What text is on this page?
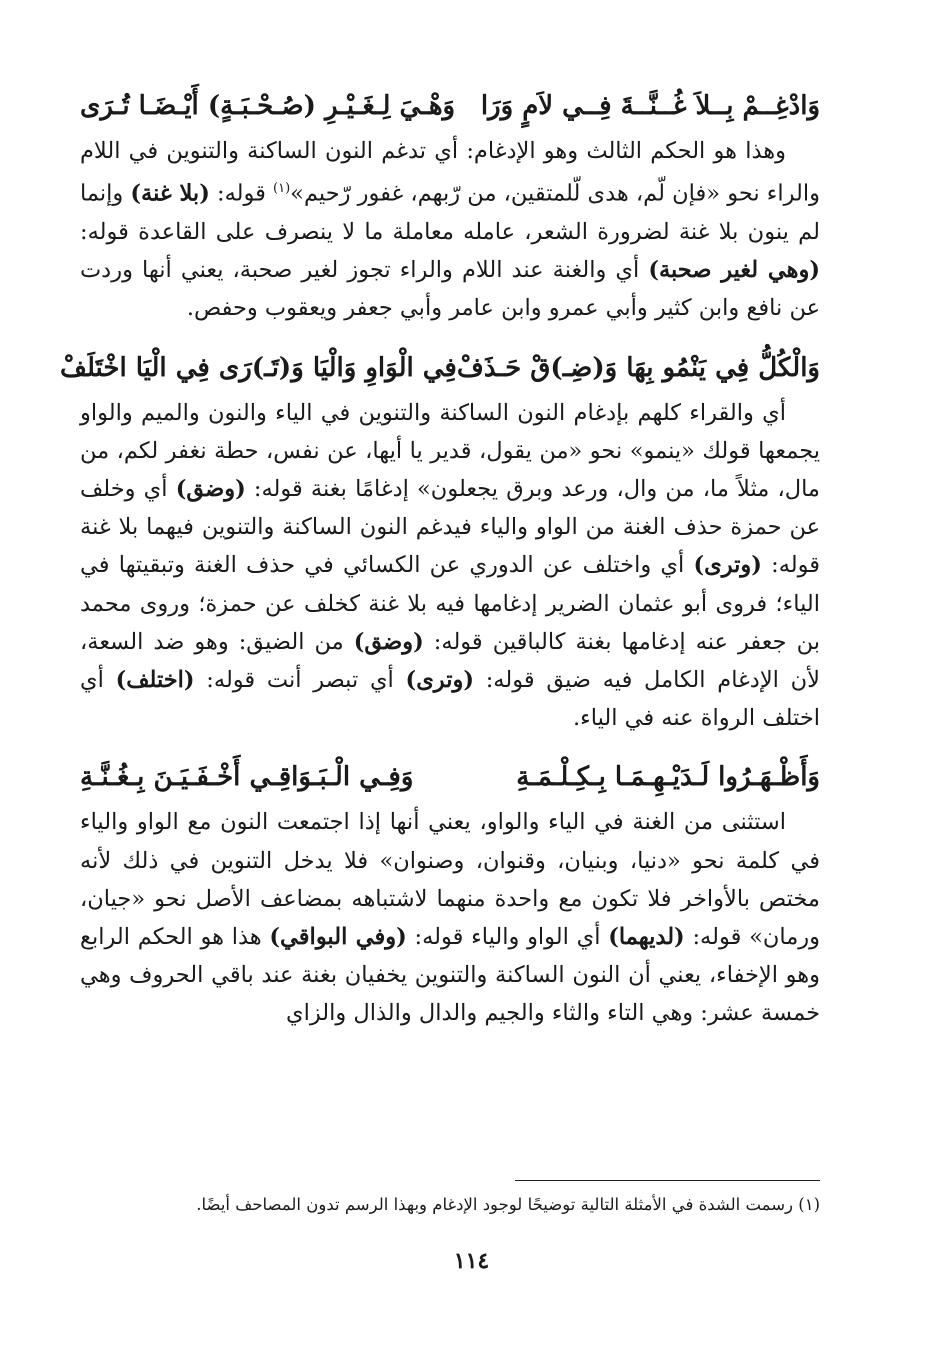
وَادْغِــمْ بِــلاَ غُــنَّــةَ فِــي لاَمٍ وَرَا
وَهْـيَ لِـغَـيْـرِ (صُـحْـبَـةٍ) أَيْـضَـا تُـرَى

وهذا هو الحكم الثالث وهو الإدغام: أي تدغم النون الساكنة والتنوين في اللام والراء نحو «فإن لّم، هدى لّلمتقين، من رّبهم، غفور رّحيم»$^{(١)}$ قوله: (بلا غنة) وإنما لم ينون بلا غنة لضرورة الشعر، عامله معاملة ما لا ينصرف على القاعدة قوله: (وهي لغير صحبة) أي والغنة عند اللام والراء تجوز لغير صحبة، يعني أنها وردت عن نافع وابن كثير وأبي عمرو وابن عامر وأبي جعفر ويعقوب وحفص.

وَالْكُلُّ فِي يَنْمُو بِهَا وَ(ضِـ)قْ حَـذَفْ
فِي الْوَاوِ وَالْيَا وَ(تَـ)رَى فِي الْيَا اخْتَلَفْ

أي والقراء كلهم بإدغام النون الساكنة والتنوين في الياء والنون والميم والواو يجمعها قولك «ينمو» نحو «من يقول، قدير يا أيها، عن نفس، حطة نغفر لكم، من مال، مثلاً ما، من وال، ورعد وبرق يجعلون» إدغامًا بغنة قوله: (وضق) أي وخلف عن حمزة حذف الغنة من الواو والياء فيدغم النون الساكنة والتنوين فيهما بلا غنة قوله: (وترى) أي واختلف عن الدوري عن الكسائي في حذف الغنة وتبقيتها في الياء؛ فروى أبو عثمان الضرير إدغامها فيه بلا غنة كخلف عن حمزة؛ وروى محمد بن جعفر عنه إدغامها بغنة كالباقين قوله: (وضق) من الضيق: وهو ضد السعة، لأن الإدغام الكامل فيه ضيق قوله: (وترى) أي تبصر أنت قوله: (اختلف) أي اختلف الرواة عنه في الياء.

وَأَظْـهَـرُوا لَـدَيْـهِـمَـا بِـكِـلْـمَـةِ
وَفِـي الْـبَـوَاقِـي أَخْـفَـيَـنَ بِـغُـنَّـةِ

استثنى من الغنة في الياء والواو، يعني أنها إذا اجتمعت النون مع الواو والياء في كلمة نحو «دنيا، وبنيان، وقنوان، وصنوان» فلا يدخل التنوين في ذلك لأنه مختص بالأواخر فلا تكون مع واحدة منهما لاشتباهه بمضاعف الأصل نحو «جيان، ورمان» قوله: (لديهما) أي الواو والياء قوله: (وفي البواقي) هذا هو الحكم الرابع وهو الإخفاء، يعني أن النون الساكنة والتنوين يخفيان بغنة عند باقي الحروف وهي خمسة عشر: وهي التاء والثاء والجيم والدال والذال والزاي

(١) رسمت الشدة في الأمثلة التالية توضيحًا لوجود الإدغام وبهذا الرسم تدون المصاحف أيضًا.
١١٤
